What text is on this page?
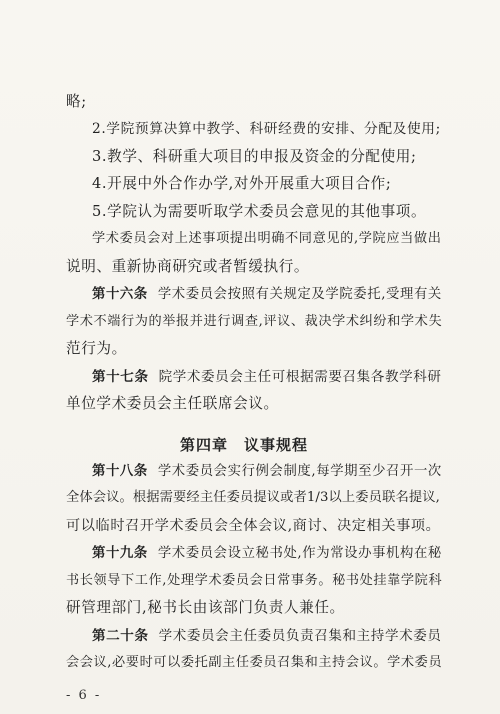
略;
2.学院预算决算中教学、科研经费的安排、分配及使用;
3.教学、科研重大项目的申报及资金的分配使用;
4.开展中外合作办学,对外开展重大项目合作;
5.学院认为需要听取学术委员会意见的其他事项。
学术委员会对上述事项提出明确不同意见的,学院应当做出
说明、重新协商研究或者暂缓执行。
第十六条 学术委员会按照有关规定及学院委托,受理有关
学术不端行为的举报并进行调查,评议、裁决学术纠纷和学术失
范行为。
第十七条 院学术委员会主任可根据需要召集各教学科研
单位学术委员会主任联席会议。
第四章　议事规程
第十八条 学术委员会实行例会制度,每学期至少召开一次
全体会议。根据需要经主任委员提议或者1/3以上委员联名提议,
可以临时召开学术委员会全体会议,商讨、决定相关事项。
第十九条 学术委员会设立秘书处,作为常设办事机构在秘
书长领导下工作,处理学术委员会日常事务。秘书处挂靠学院科
研管理部门,秘书长由该部门负责人兼任。
第二十条 学术委员会主任委员负责召集和主持学术委员
会会议,必要时可以委托副主任委员召集和主持会议。学术委员
- 6 -
